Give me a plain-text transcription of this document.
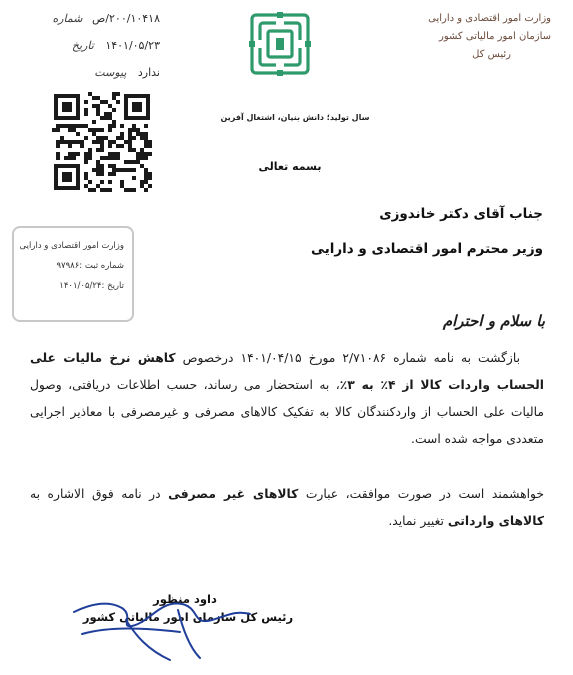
۲۰۰/۱۰۴۱۸/ص شماره
۱۴۰۱/۰۵/۲۳ تاریخ
ندارد پیوست
وزارت امور اقتصادی و دارایی
سازمان امور مالیاتی کشور
رئیس کل
سال تولید؛ دانش بنیان، اشتغال آفرین
بسمه تعالی
جناب آقای دکتر خاندوزی
وزیر محترم امور اقتصادی و دارایی
وزارت امور اقتصادی و دارایی
شماره ثبت :۹۷۹۸۶
تاریخ :۱۴۰۱/۰۵/۲۴
با سلام و احترام
بازگشت به نامه شماره ۲/۷۱۰۸۶ مورخ ۱۴۰۱/۰۴/۱۵ درخصوص کاهش نرخ مالیات علی الحساب واردات کالا از ۴٪ به ۳٪، به استحضار می رساند، حسب اطلاعات دریافتی، وصول مالیات علی الحساب از واردکنندگان کالا به تفکیک کالاهای مصرفی و غیرمصرفی با معاذیر اجرایی متعددی مواجه شده است.
خواهشمند است در صورت موافقت، عبارت کالاهای غیر مصرفی در نامه فوق الاشاره به کالاهای وارداتی تغییر نماید.
داود منظور
رئیس کل سازمان امور مالیاتی کشور
